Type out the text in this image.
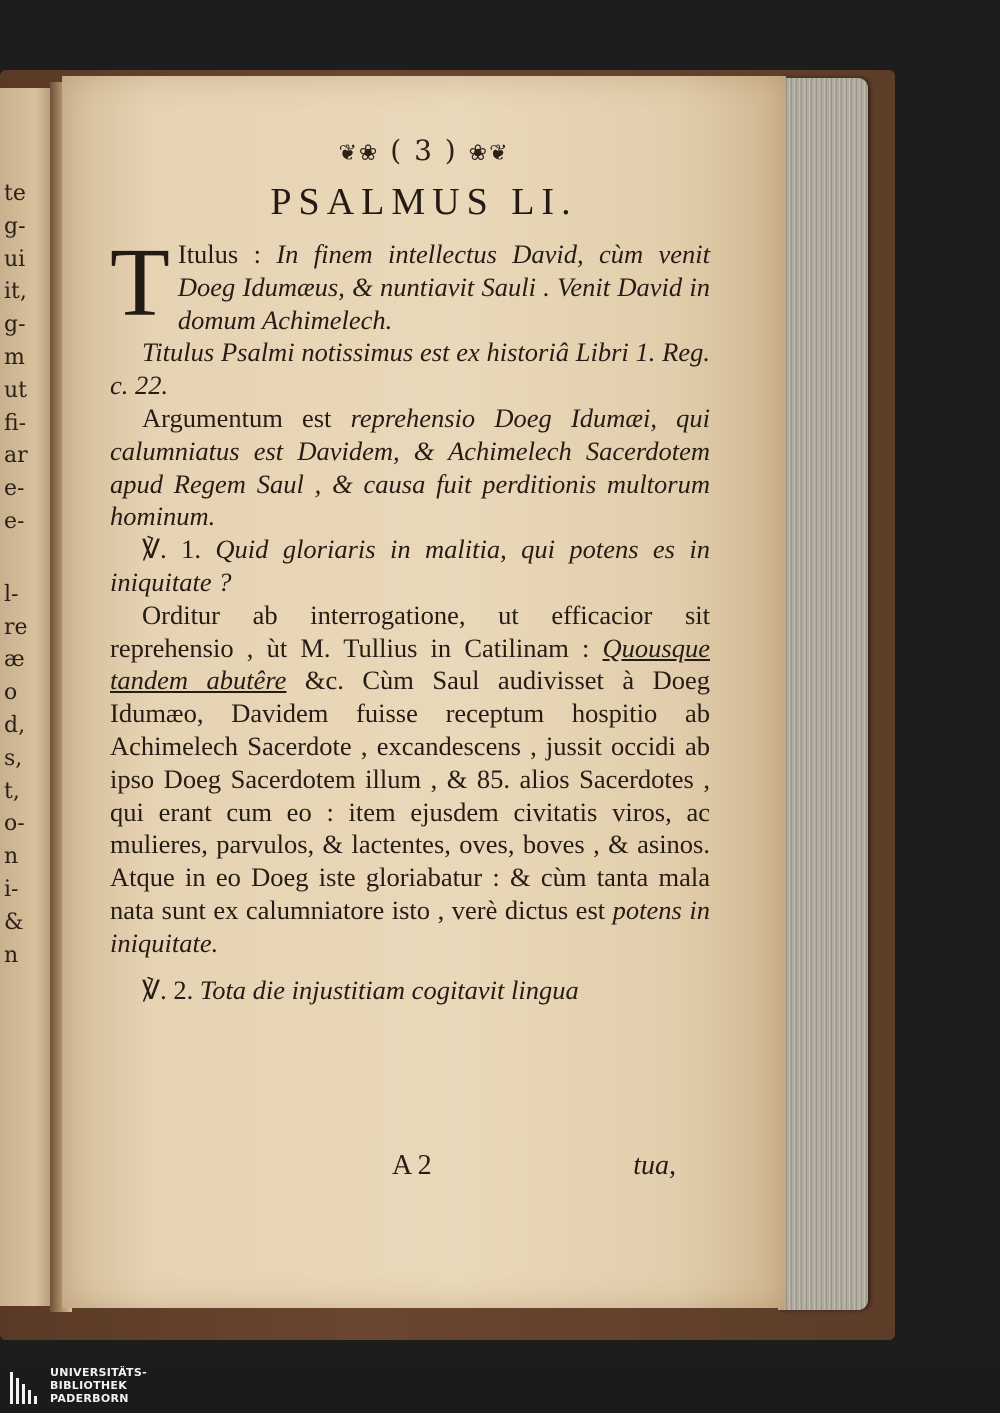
te
g-
ui
it,
g-
m
ut
fi-
ar
e-
e-
l-
re
æ
o
d,
s,
t,
o-
n
i-
&
n
❦❀ ( 3 ) ❀❦
PSALMUS LI.

T Itulus : In finem intellectus David, cùm venit Doeg Idumæus, & nuntiavit Sauli . Venit David in domum Achimelech.

Titulus Psalmi notissimus est ex historiâ Libri 1. Reg. c. 22.

Argumentum est reprehensio Doeg Idumæi, qui calumniatus est Davidem, & Achimelech Sacerdotem apud Regem Saul , & causa fuit perditionis multorum hominum.

℣. 1. Quid gloriaris in malitia, qui potens es in iniquitate ?

Orditur ab interrogatione, ut efficacior sit reprehensio , ùt M. Tullius in Catilinam : Quousque tandem abutêre &c. Cùm Saul audivisset à Doeg Idumæo, Davidem fuisse receptum hospitio ab Achimelech Sacerdote , excandescens , jussit occidi ab ipso Doeg Sacerdotem illum , & 85. alios Sacerdotes , qui erant cum eo : item ejusdem civitatis viros, ac mulieres, parvulos, & lactentes, oves, boves , & asinos. Atque in eo Doeg iste gloriabatur : & cùm tanta mala nata sunt ex calumniatore isto , verè dictus est potens in iniquitate.

℣. 2. Tota die injustitiam cogitavit lingua

A 2	tua,
UNIVERSITÄTS-
BIBLIOTHEK
PADERBORN
